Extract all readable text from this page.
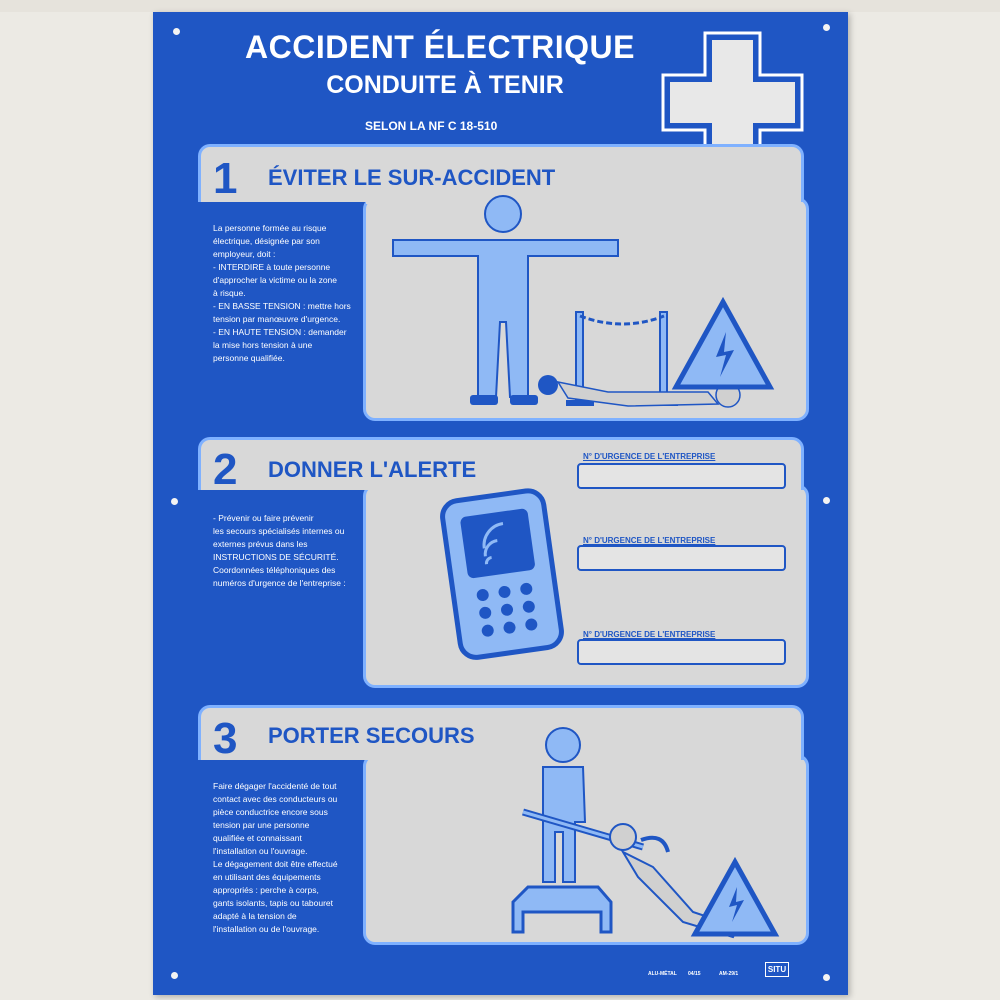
ACCIDENT ÉLECTRIQUE
CONDUITE À TENIR
SELON LA NF C 18-510
1 ÉVITER LE SUR-ACCIDENT
La personne formée au risque
électrique, désignée par son
employeur, doit :
- INTERDIRE à toute personne
d'approcher la victime ou la zone
à risque.
- EN BASSE TENSION : mettre hors
tension par manœuvre d'urgence.
- EN HAUTE TENSION : demander
la mise hors tension à une
personne qualifiée.
2 DONNER L'ALERTE
- Prévenir ou faire prévenir
les secours spécialisés internes ou
externes prévus dans les
INSTRUCTIONS DE SÉCURITÉ.
Coordonnées téléphoniques des
numéros d'urgence de l'entreprise :
N° D'URGENCE DE L'ENTREPRISE
N° D'URGENCE DE L'ENTREPRISE
N° D'URGENCE DE L'ENTREPRISE
3 PORTER SECOURS
Faire dégager l'accidenté de tout
contact avec des conducteurs ou
pièce conductrice encore sous
tension par une personne
qualifiée et connaissant
l'installation ou l'ouvrage.
Le dégagement doit être effectué
en utilisant des équipements
appropriés : perche à corps,
gants isolants, tapis ou tabouret
adapté à la tension de
l'installation ou de l'ouvrage.
ALU-MÉTAL 04/15	AM-29/1	SITU
